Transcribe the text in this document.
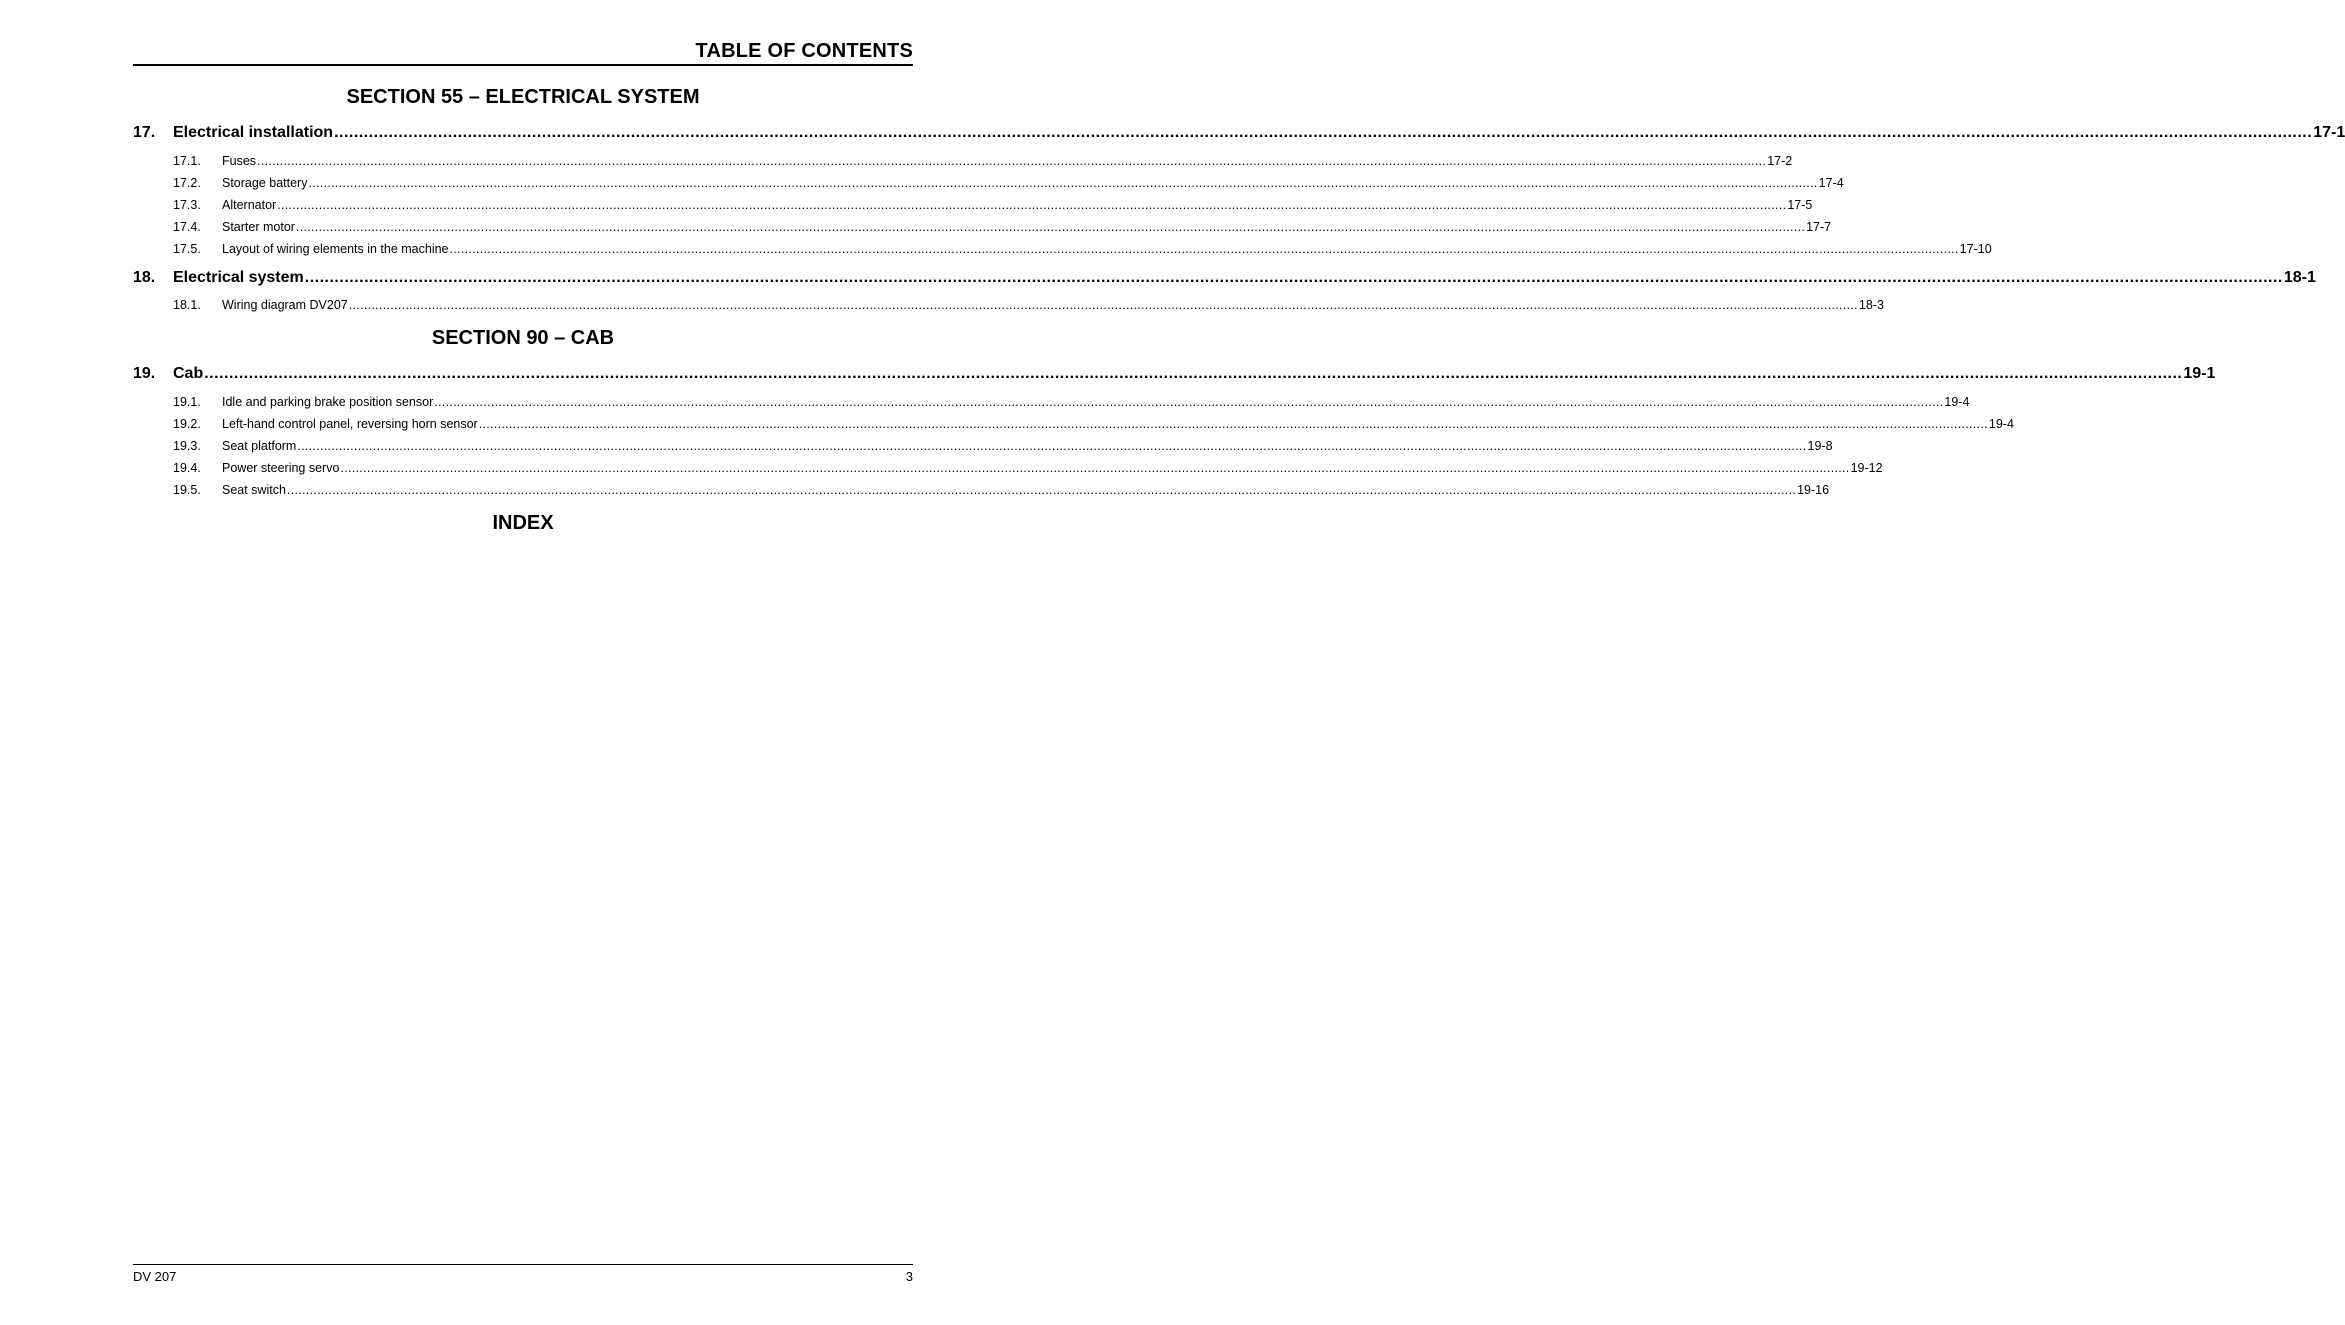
TABLE OF CONTENTS
SECTION 55 – ELECTRICAL SYSTEM
17.	Electrical installation ................................................................................................................................................................................................................................................................................................................................................................................................................ 17-1
17.1.	Fuses ................................................................................................................................................................................................................................................................................................................................................................................................................ 17-2
17.2.	Storage battery ................................................................................................................................................................................................................................................................................................................................................................................................................ 17-4
17.3.	Alternator ................................................................................................................................................................................................................................................................................................................................................................................................................ 17-5
17.4.	Starter motor ................................................................................................................................................................................................................................................................................................................................................................................................................ 17-7
17.5.	Layout of wiring elements in the machine ................................................................................................................................................................................................................................................................................................................................................................................................................ 17-10
18.	Electrical system ................................................................................................................................................................................................................................................................................................................................................................................................................ 18-1
18.1.	Wiring diagram DV207 ................................................................................................................................................................................................................................................................................................................................................................................................................ 18-3
SECTION 90 – CAB
19.	Cab ................................................................................................................................................................................................................................................................................................................................................................................................................ 19-1
19.1.	Idle and parking brake position sensor ................................................................................................................................................................................................................................................................................................................................................................................................................ 19-4
19.2.	Left-hand control panel, reversing horn sensor ................................................................................................................................................................................................................................................................................................................................................................................................................ 19-4
19.3.	Seat platform ................................................................................................................................................................................................................................................................................................................................................................................................................ 19-8
19.4.	Power steering servo ................................................................................................................................................................................................................................................................................................................................................................................................................ 19-12
19.5.	Seat switch ................................................................................................................................................................................................................................................................................................................................................................................................................ 19-16
INDEX
DV 207	3
